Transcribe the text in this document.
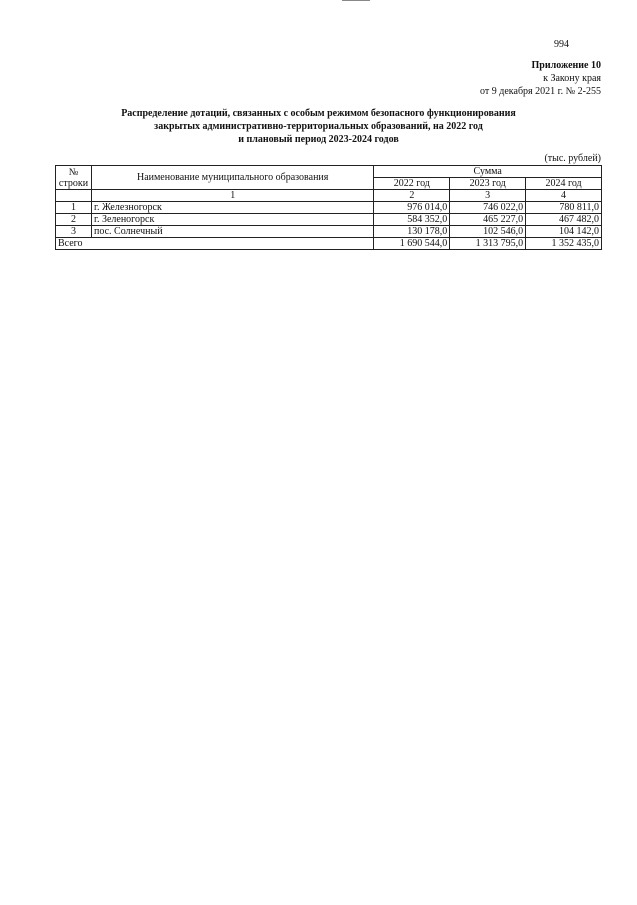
994
Приложение 10
к Закону края
от 9 декабря 2021 г. № 2-255
Распределение дотаций, связанных с особым режимом безопасного функционирования
закрытых административно-территориальных образований, на 2022 год
и плановый период 2023-2024 годов
(тыс. рублей)
№
строки	Наименование муниципального образования	Сумма		
		2022 год	2023 год	2024 год
	1	2	3	4
1	г. Железногорск	976 014,0	746 022,0	780 811,0
2	г. Зеленогорск	584 352,0	465 227,0	467 482,0
3	пос. Солнечный	130 178,0	102 546,0	104 142,0
Всего		1 690 544,0	1 313 795,0	1 352 435,0
